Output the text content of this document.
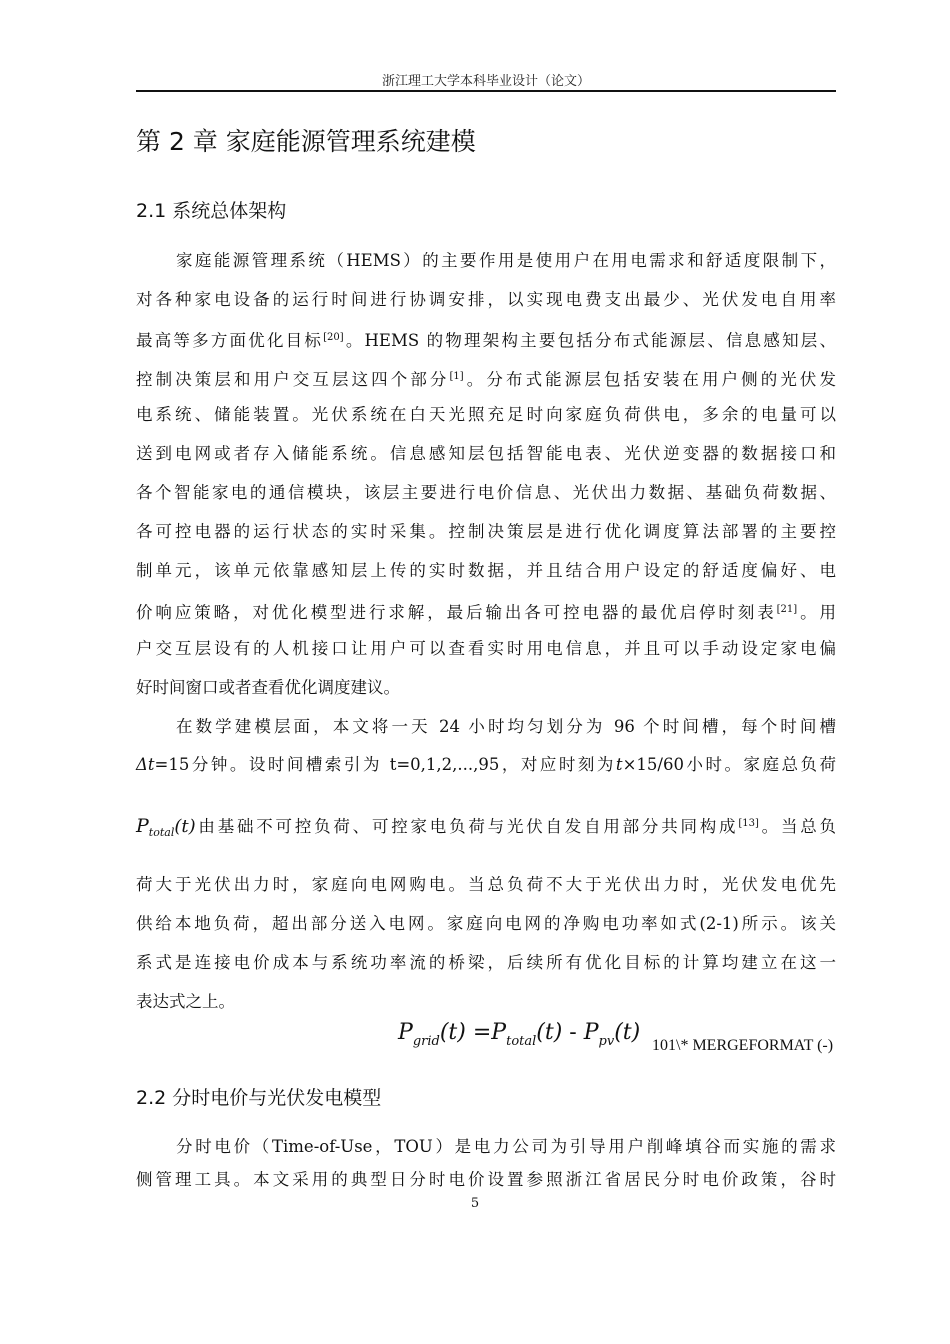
浙江理工大学本科毕业设计（论文）
第 2 章 家庭能源管理系统建模
2.1 系统总体架构
家庭能源管理系统（HEMS）的主要作用是使用户在用电需求和舒适度限制下，
对各种家电设备的运行时间进行协调安排，以实现电费支出最少、光伏发电自用率
最高等多方面优化目标[20]。HEMS 的物理架构主要包括分布式能源层、信息感知层、
控制决策层和用户交互层这四个部分[1]。分布式能源层包括安装在用户侧的光伏发
电系统、储能装置。光伏系统在白天光照充足时向家庭负荷供电，多余的电量可以
送到电网或者存入储能系统。信息感知层包括智能电表、光伏逆变器的数据接口和
各个智能家电的通信模块，该层主要进行电价信息、光伏出力数据、基础负荷数据、
各可控电器的运行状态的实时采集。控制决策层是进行优化调度算法部署的主要控
制单元，该单元依靠感知层上传的实时数据，并且结合用户设定的舒适度偏好、电
价响应策略，对优化模型进行求解，最后输出各可控电器的最优启停时刻表[21]。用
户交互层设有的人机接口让用户可以查看实时用电信息，并且可以手动设定家电偏
好时间窗口或者查看优化调度建议。
在数学建模层面，本文将一天 24 小时均匀划分为 96 个时间槽，每个时间槽
Δt=15分钟。设时间槽索引为 t=0,1,2,...,95，对应时刻为t×15/60小时。家庭总负荷
$P_{total}(t)$由基础不可控负荷、可控家电负荷与光伏自发自用部分共同构成[13]。当总负
荷大于光伏出力时，家庭向电网购电。当总负荷不大于光伏出力时，光伏发电优先
供给本地负荷，超出部分送入电网。家庭向电网的净购电功率如式(2-1)所示。该关
系式是连接电价成本与系统功率流的桥梁，后续所有优化目标的计算均建立在这一
表达式之上。
$P_{grid}(t) =P_{total}(t) - P_{pv}(t)$
101\* MERGEFORMAT (-)
2.2 分时电价与光伏发电模型
分时电价（Time-of-Use，TOU）是电力公司为引导用户削峰填谷而实施的需求
侧管理工具。本文采用的典型日分时电价设置参照浙江省居民分时电价政策，谷时
5
